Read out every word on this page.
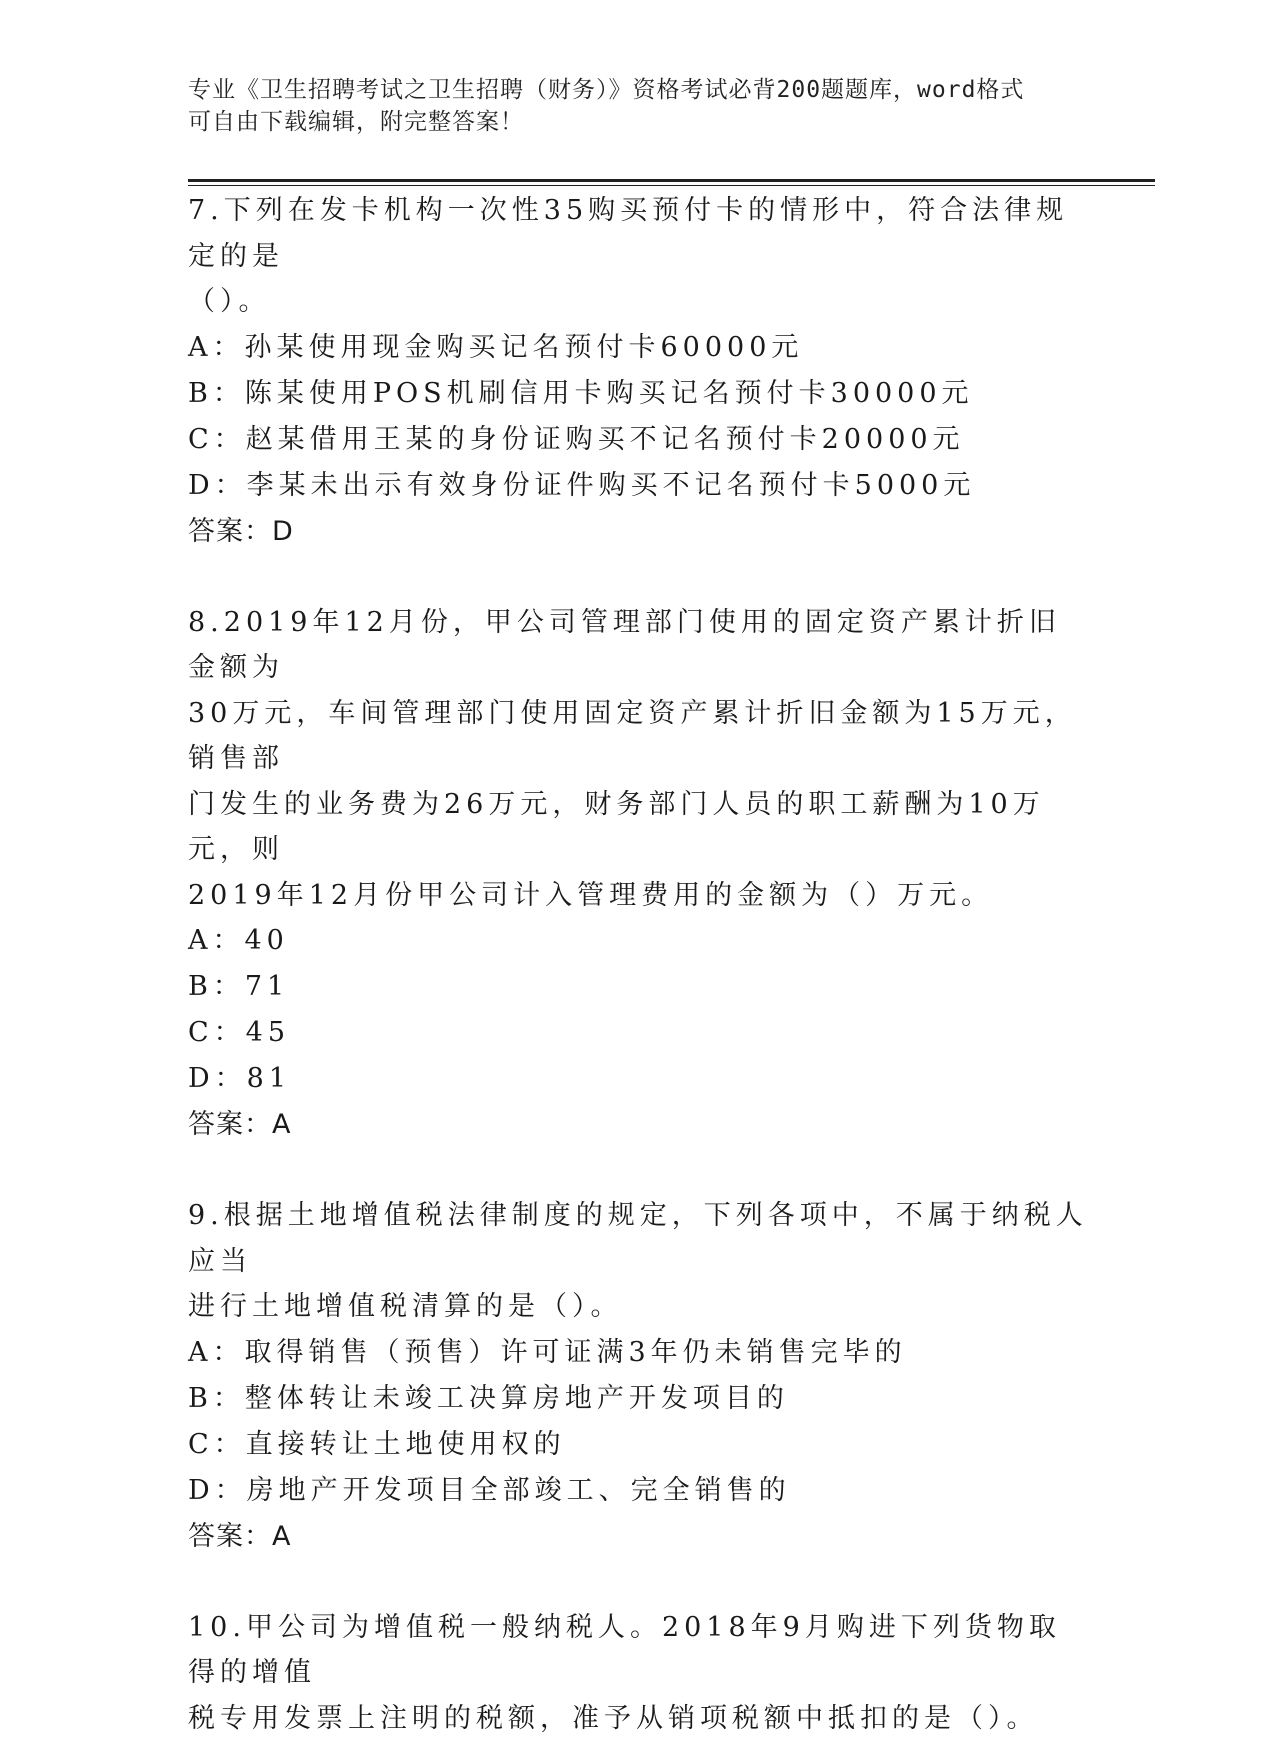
专业《卫生招聘考试之卫生招聘（财务）》资格考试必背200题题库，word格式
可自由下载编辑，附完整答案！
7.下列在发卡机构一次性35购买预付卡的情形中，符合法律规定的是
（）。
A：孙某使用现金购买记名预付卡60000元
B：陈某使用POS机刷信用卡购买记名预付卡30000元
C：赵某借用王某的身份证购买不记名预付卡20000元
D：李某未出示有效身份证件购买不记名预付卡5000元
答案：D
8.2019年12月份，甲公司管理部门使用的固定资产累计折旧金额为
30万元，车间管理部门使用固定资产累计折旧金额为15万元，销售部
门发生的业务费为26万元，财务部门人员的职工薪酬为10万元，则
2019年12月份甲公司计入管理费用的金额为（）万元。
A：40
B：71
C：45
D：81
答案：A
9.根据土地增值税法律制度的规定，下列各项中，不属于纳税人应当
进行土地增值税清算的是（）。
A：取得销售（预售）许可证满3年仍未销售完毕的
B：整体转让未竣工决算房地产开发项目的
C：直接转让土地使用权的
D：房地产开发项目全部竣工、完全销售的
答案：A
10.甲公司为增值税一般纳税人。2018年9月购进下列货物取得的增值
税专用发票上注明的税额，准予从销项税额中抵扣的是（）。
